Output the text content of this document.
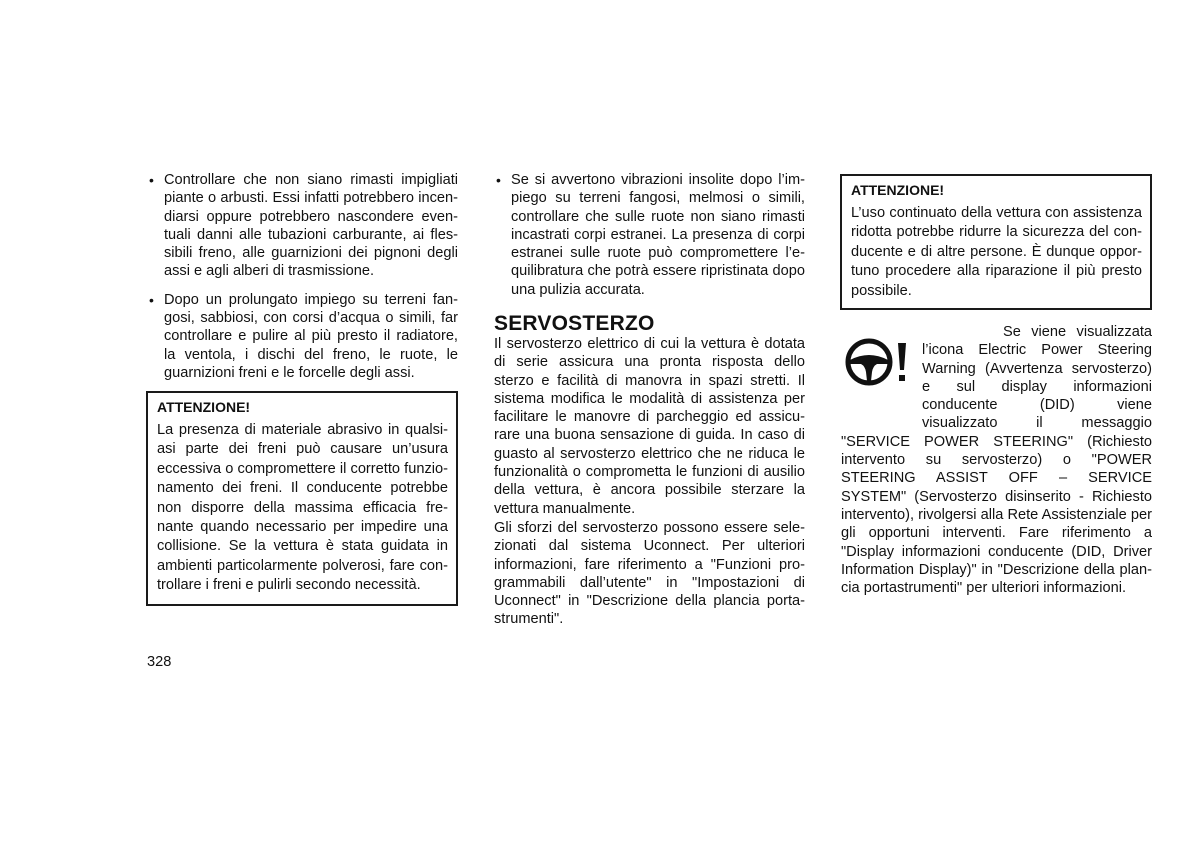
• Controllare che non siano rimasti impigliati piante o arbusti. Essi infatti potrebbero incendiarsi oppure potrebbero nascondere eventuali danni alle tubazioni carburante, ai flessibili freno, alle guarnizioni dei pignoni degli assi e agli alberi di trasmissione.
• Dopo un prolungato impiego su terreni fangosi, sabbiosi, con corsi d’acqua o simili, far controllare e pulire al più presto il radiatore, la ventola, i dischi del freno, le ruote, le guarnizioni freni e le forcelle degli assi.
ATTENZIONE!

La presenza di materiale abrasivo in qualsiasi parte dei freni può causare un’usura eccessiva o compromettere il corretto funzionamento dei freni. Il conducente potrebbe non disporre della massima efficacia frenante quando necessario per impedire una collisione. Se la vettura è stata guidata in ambienti particolarmente polverosi, fare controllare i freni e pulirli secondo necessità.

• Se si avvertono vibrazioni insolite dopo l’impiego su terreni fangosi, melmosi o simili, controllare che sulle ruote non siano rimasti incastrati corpi estranei. La presenza di corpi estranei sulle ruote può compromettere l’equilibratura che potrà essere ripristinata dopo una pulizia accurata.
SERVOSTERZO

Il servosterzo elettrico di cui la vettura è dotata di serie assicura una pronta risposta dello sterzo e facilità di manovra in spazi stretti. Il sistema modifica le modalità di assistenza per facilitare le manovre di parcheggio ed assicurare una buona sensazione di guida. In caso di guasto al servosterzo elettrico che ne riduca le funzionalità o comprometta le funzioni di ausilio della vettura, è ancora possibile sterzare la vettura manualmente.

Gli sforzi del servosterzo possono essere selezionati dal sistema Uconnect. Per ulteriori informazioni, fare riferimento a "Funzioni programmabili dall’utente" in "Impostazioni di Uconnect" in "Descrizione della plancia portastrumenti".

ATTENZIONE!

L’uso continuato della vettura con assistenza ridotta potrebbe ridurre la sicurezza del conducente e di altre persone. È dunque opportuno procedere alla riparazione il più presto possibile.

Se viene visualizzata l’icona Electric Power Steering Warning (Avvertenza servosterzo) e sul display informazioni conducente (DID) viene visualizzato il messaggio "SERVICE POWER STEERING" (Richiesto intervento su servosterzo) o "POWER STEERING ASSIST OFF – SERVICE SYSTEM" (Servosterzo disinserito - Richiesto intervento), rivolgersi alla Rete Assistenziale per gli opportuni interventi. Fare riferimento a "Display informazioni conducente (DID, Driver Information Display)" in "Descrizione della plancia portastrumenti" per ulteriori informazioni.

328
